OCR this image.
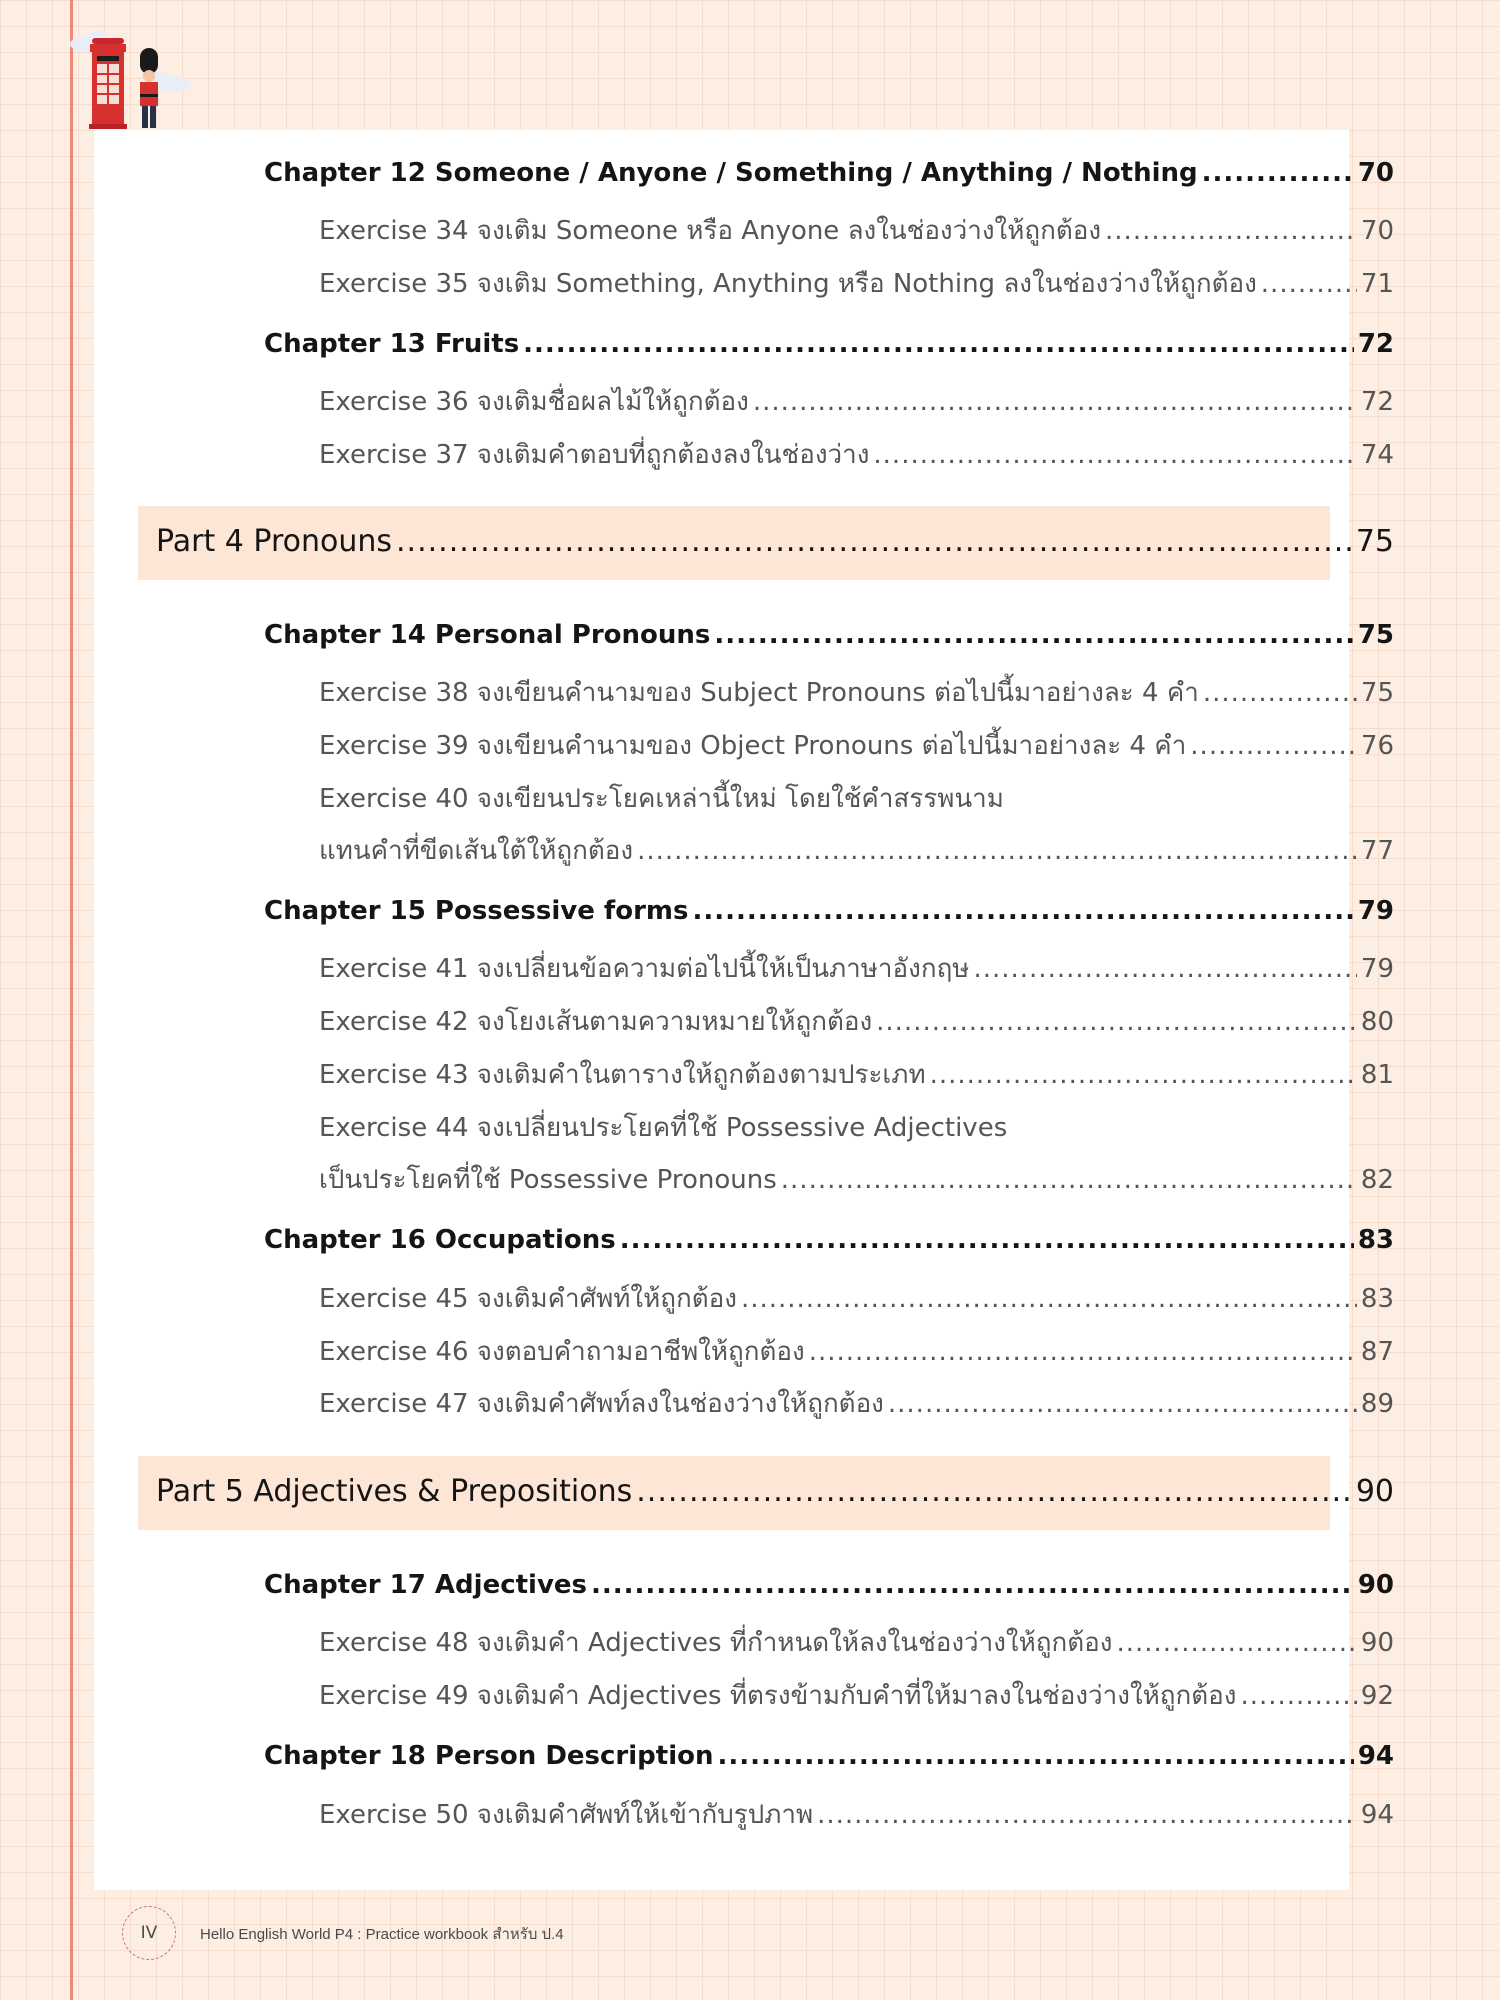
Chapter 12 Someone / Anyone / Something / Anything / Nothing .....	70
Exercise 34 จงเติม Someone หรือ Anyone ลงในช่องว่างให้ถูกต้อง .....	70
Exercise 35 จงเติม Something, Anything หรือ Nothing ลงในช่องว่างให้ถูกต้อง .....	71
Chapter 13 Fruits .....	72
Exercise 36 จงเติมชื่อผลไม้ให้ถูกต้อง .....	72
Exercise 37 จงเติมคำตอบที่ถูกต้องลงในช่องว่าง .....	74
Part 4 Pronouns .....	75
Chapter 14 Personal Pronouns .....	75
Exercise 38 จงเขียนคำนามของ Subject Pronouns ต่อไปนี้มาอย่างละ 4 คำ .....	75
Exercise 39 จงเขียนคำนามของ Object Pronouns ต่อไปนี้มาอย่างละ 4 คำ .....	76
Exercise 40 จงเขียนประโยคเหล่านี้ใหม่ โดยใช้คำสรรพนาม
แทนคำที่ขีดเส้นใต้ให้ถูกต้อง .....	77
Chapter 15 Possessive forms .....	79
Exercise 41 จงเปลี่ยนข้อความต่อไปนี้ให้เป็นภาษาอังกฤษ .....	79
Exercise 42 จงโยงเส้นตามความหมายให้ถูกต้อง .....	80
Exercise 43 จงเติมคำในตารางให้ถูกต้องตามประเภท .....	81
Exercise 44 จงเปลี่ยนประโยคที่ใช้ Possessive Adjectives
เป็นประโยคที่ใช้ Possessive Pronouns .....	82
Chapter 16 Occupations .....	83
Exercise 45 จงเติมคำศัพท์ให้ถูกต้อง .....	83
Exercise 46 จงตอบคำถามอาชีพให้ถูกต้อง .....	87
Exercise 47 จงเติมคำศัพท์ลงในช่องว่างให้ถูกต้อง .....	89
Part 5 Adjectives & Prepositions .....	90
Chapter 17 Adjectives .....	90
Exercise 48 จงเติมคำ Adjectives ที่กำหนดให้ลงในช่องว่างให้ถูกต้อง .....	90
Exercise 49 จงเติมคำ Adjectives ที่ตรงข้ามกับคำที่ให้มาลงในช่องว่างให้ถูกต้อง .....	92
Chapter 18 Person Description .....	94
Exercise 50 จงเติมคำศัพท์ให้เข้ากับรูปภาพ .....	94
IV	Hello English World P4 : Practice workbook สำหรับ ป.4
